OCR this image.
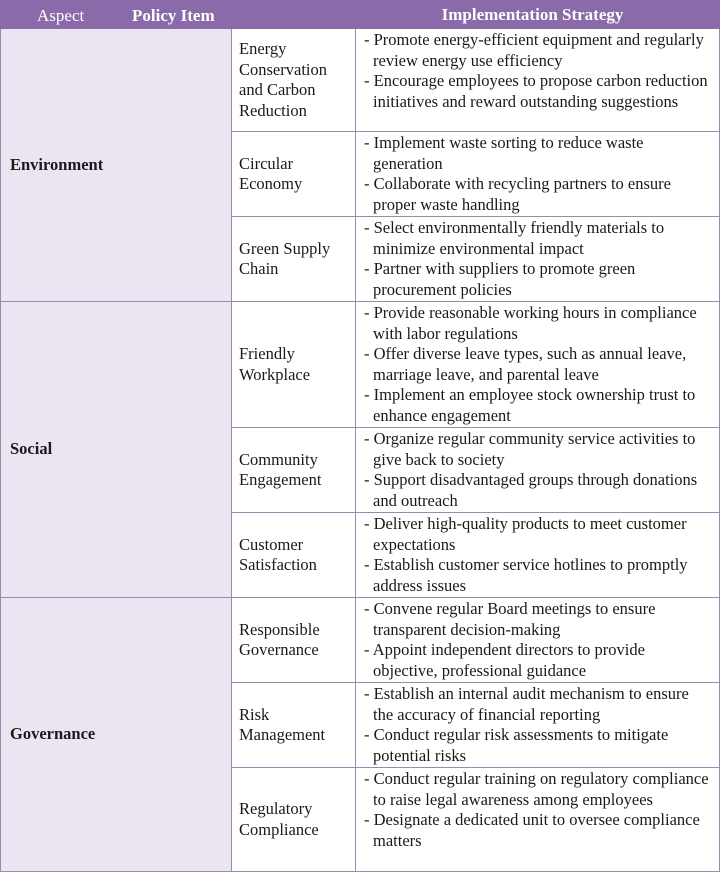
Aspect Policy Item		Implementation Strategy
Environment	Energy Conservation and Carbon Reduction	- Promote energy-efficient equipment and regularly review energy use efficiency
- Encourage employees to propose carbon reduction initiatives and reward outstanding suggestions

	Circular Economy	- Implement waste sorting to reduce waste generation
- Collaborate with recycling partners to ensure proper waste handling

	Green Supply Chain	- Select environmentally friendly materials to minimize environmental impact
- Partner with suppliers to promote green procurement policies

Social	Friendly Workplace	- Provide reasonable working hours in compliance with labor regulations
- Offer diverse leave types, such as annual leave, marriage leave, and parental leave
- Implement an employee stock ownership trust to enhance engagement

	Community Engagement	- Organize regular community service activities to give back to society
- Support disadvantaged groups through donations and outreach

	Customer Satisfaction	- Deliver high-quality products to meet customer expectations
- Establish customer service hotlines to promptly address issues

Governance	Responsible Governance	- Convene regular Board meetings to ensure transparent decision-making
- Appoint independent directors to provide objective, professional guidance

	Risk Management	- Establish an internal audit mechanism to ensure the accuracy of financial reporting
- Conduct regular risk assessments to mitigate potential risks

	Regulatory Compliance	- Conduct regular training on regulatory compliance to raise legal awareness among employees
- Designate a dedicated unit to oversee compliance matters
